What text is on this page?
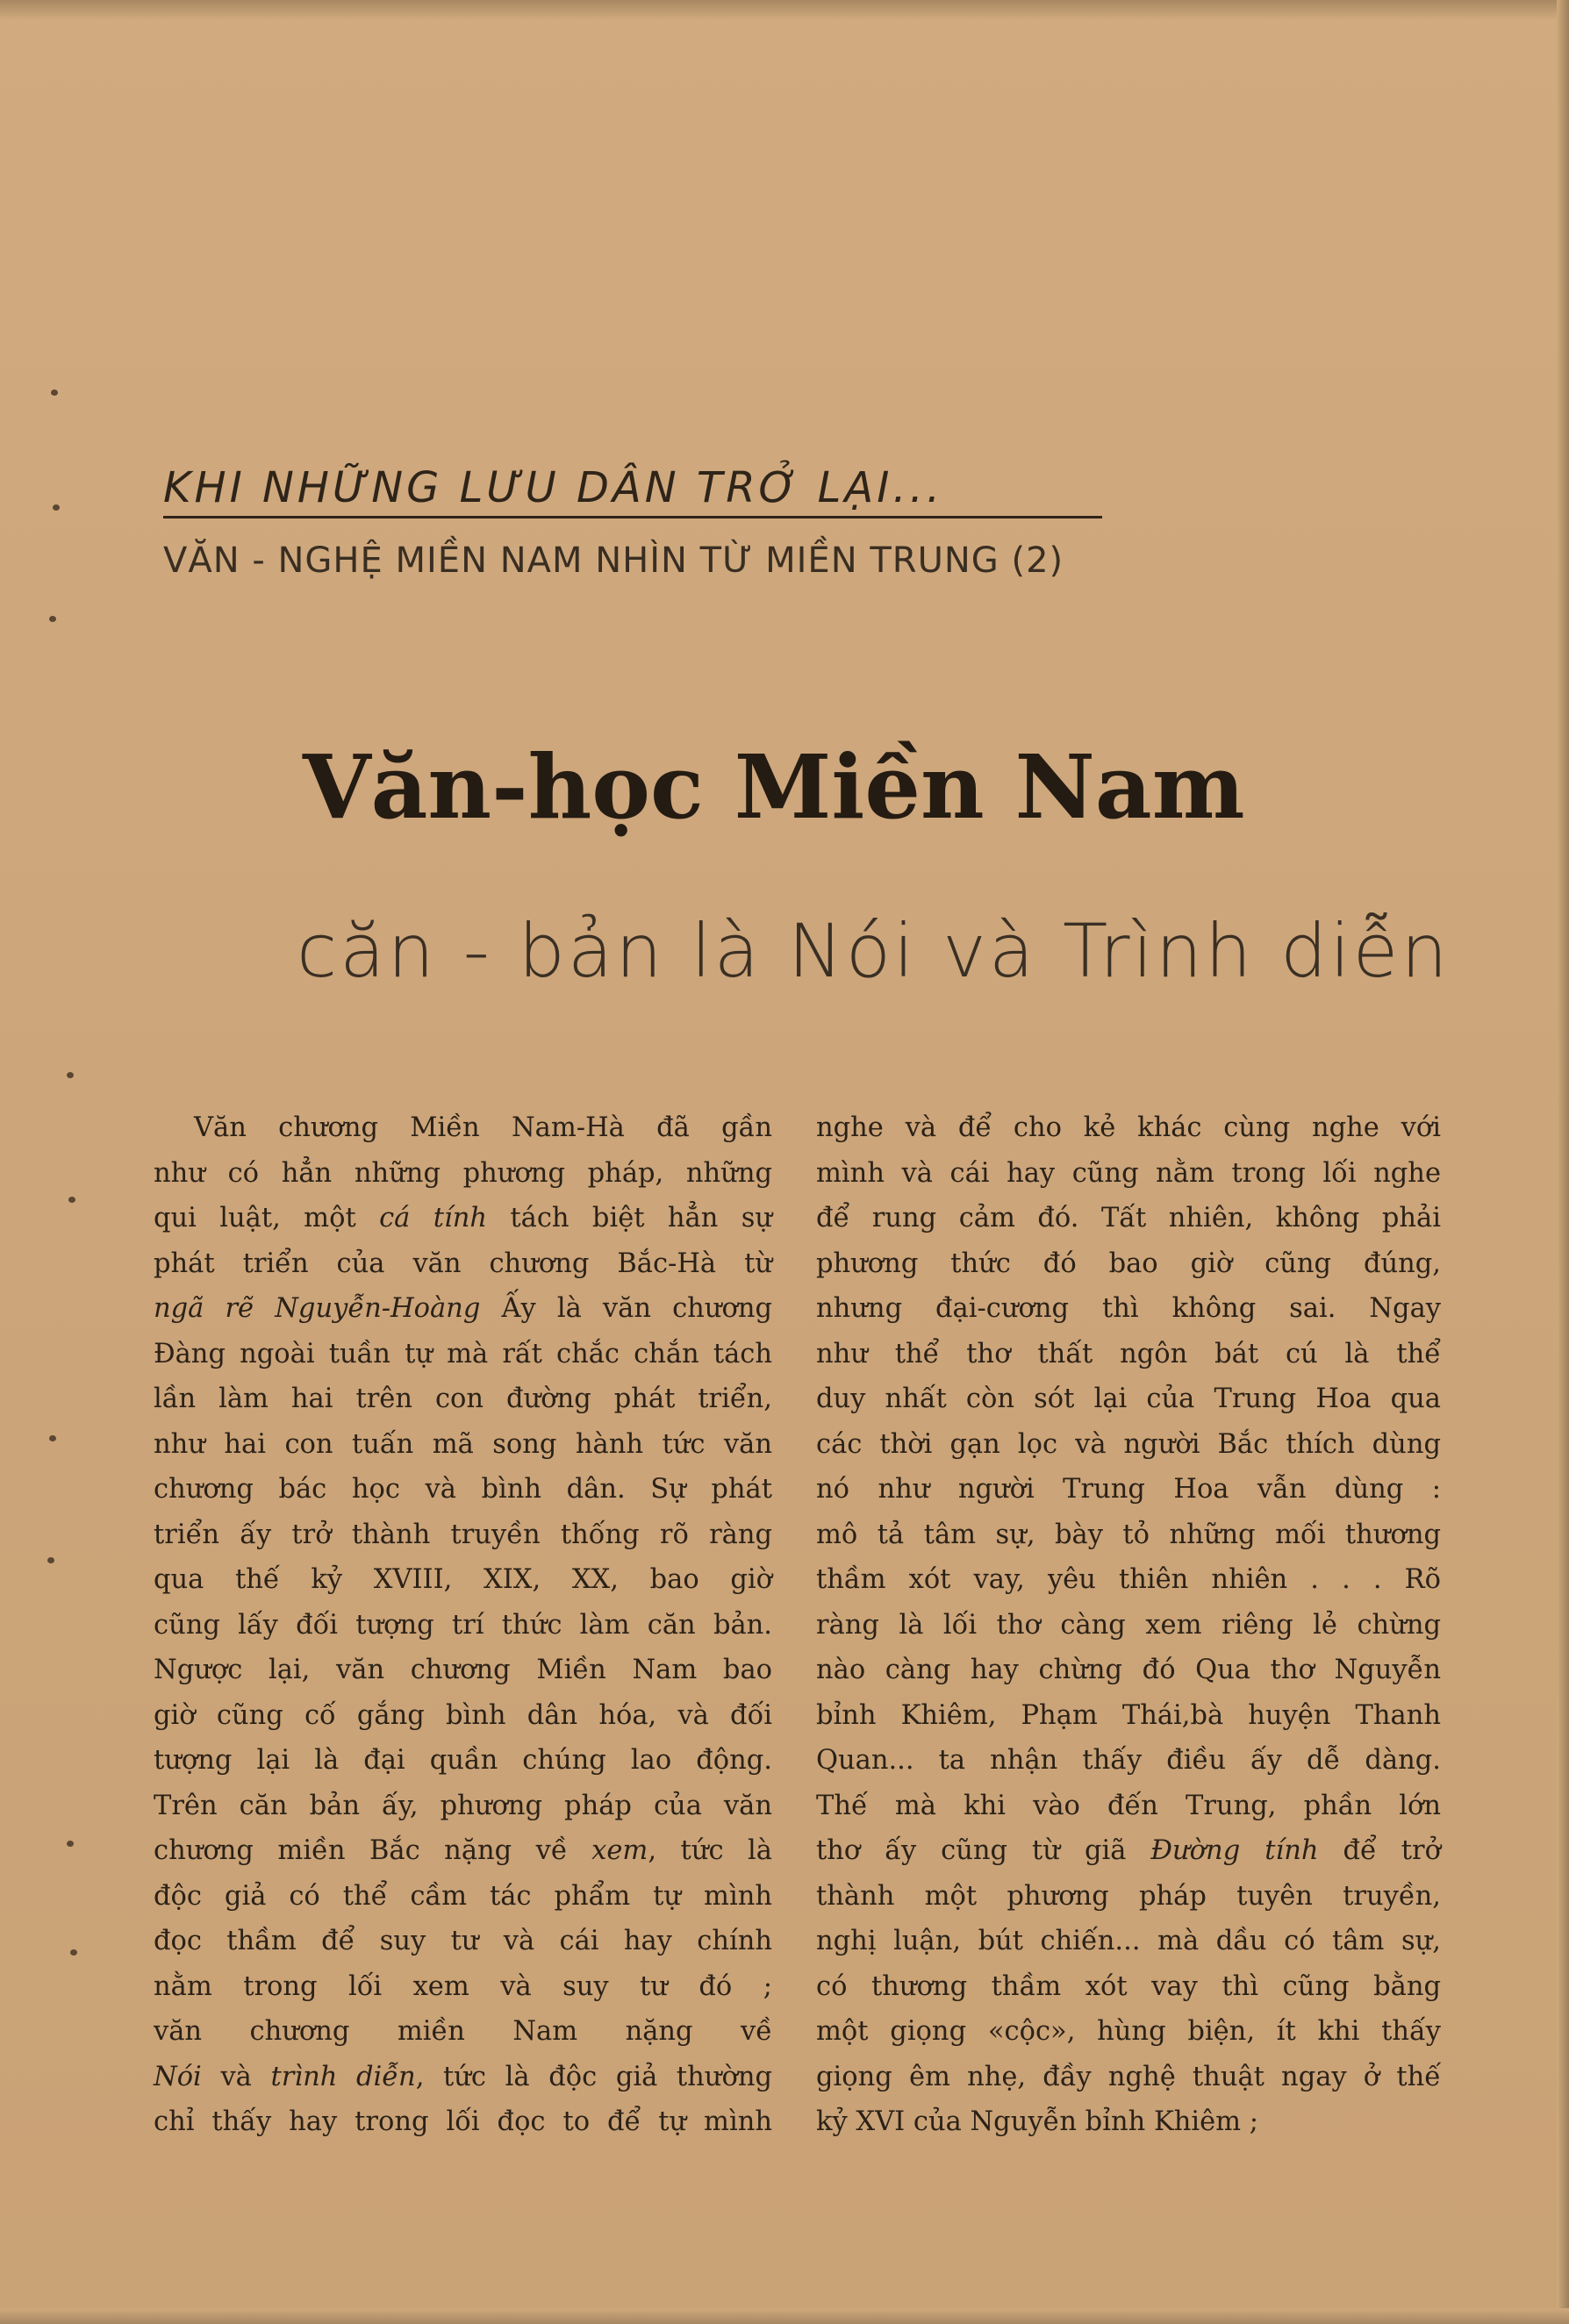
KHI NHỮNG LƯU DÂN TRỞ LẠI...
VĂN - NGHỆ MIỀN NAM NHÌN TỪ MIỀN TRUNG (2)
Văn-học Miền Nam
căn - bản là Nói và Trình diễn
Văn chương Miền Nam-Hà đã gần
như có hẳn những phương pháp, những
qui luật, một cá tính tách biệt hẳn sự
phát triển của văn chương Bắc-Hà từ
ngã rẽ Nguyễn-Hoàng Ấy là văn chương
Đàng ngoài tuần tự mà rất chắc chắn tách
lần làm hai trên con đường phát triển,
như hai con tuấn mã song hành tức văn
chương bác học và bình dân. Sự phát
triển ấy trở thành truyền thống rõ ràng
qua thế kỷ XVIII, XIX, XX, bao giờ
cũng lấy đối tượng trí thức làm căn bản.
Ngược lại, văn chương Miền Nam bao
giờ cũng cố gắng bình dân hóa, và đối
tượng lại là đại quần chúng lao động.
Trên căn bản ấy, phương pháp của văn
chương miền Bắc nặng về xem, tức là
độc giả có thể cầm tác phẩm tự mình
đọc thầm để suy tư và cái hay chính
nằm trong lối xem và suy tư đó ;
văn chương miền Nam nặng về
Nói và trình diễn, tức là độc giả thường
chỉ thấy hay trong lối đọc to để tự mình
nghe và để cho kẻ khác cùng nghe với
mình và cái hay cũng nằm trong lối nghe
để rung cảm đó. Tất nhiên, không phải
phương thức đó bao giờ cũng đúng,
nhưng đại-cương thì không sai. Ngay
như thể thơ thất ngôn bát cú là thể
duy nhất còn sót lại của Trung Hoa qua
các thời gạn lọc và người Bắc thích dùng
nó như người Trung Hoa vẫn dùng :
mô tả tâm sự, bày tỏ những mối thương
thầm xót vay, yêu thiên nhiên . . . Rõ
ràng là lối thơ càng xem riêng lẻ chừng
nào càng hay chừng đó Qua thơ Nguyễn
bỉnh Khiêm, Phạm Thái,bà huyện Thanh
Quan... ta nhận thấy điều ấy dễ dàng.
Thế mà khi vào đến Trung, phần lớn
thơ ấy cũng từ giã Đường tính để trở
thành một phương pháp tuyên truyền,
nghị luận, bút chiến... mà dầu có tâm sự,
có thương thầm xót vay thì cũng bằng
một giọng «cộc», hùng biện, ít khi thấy
giọng êm nhẹ, đầy nghệ thuật ngay ở thế
kỷ XVI của Nguyễn bỉnh Khiêm ;
